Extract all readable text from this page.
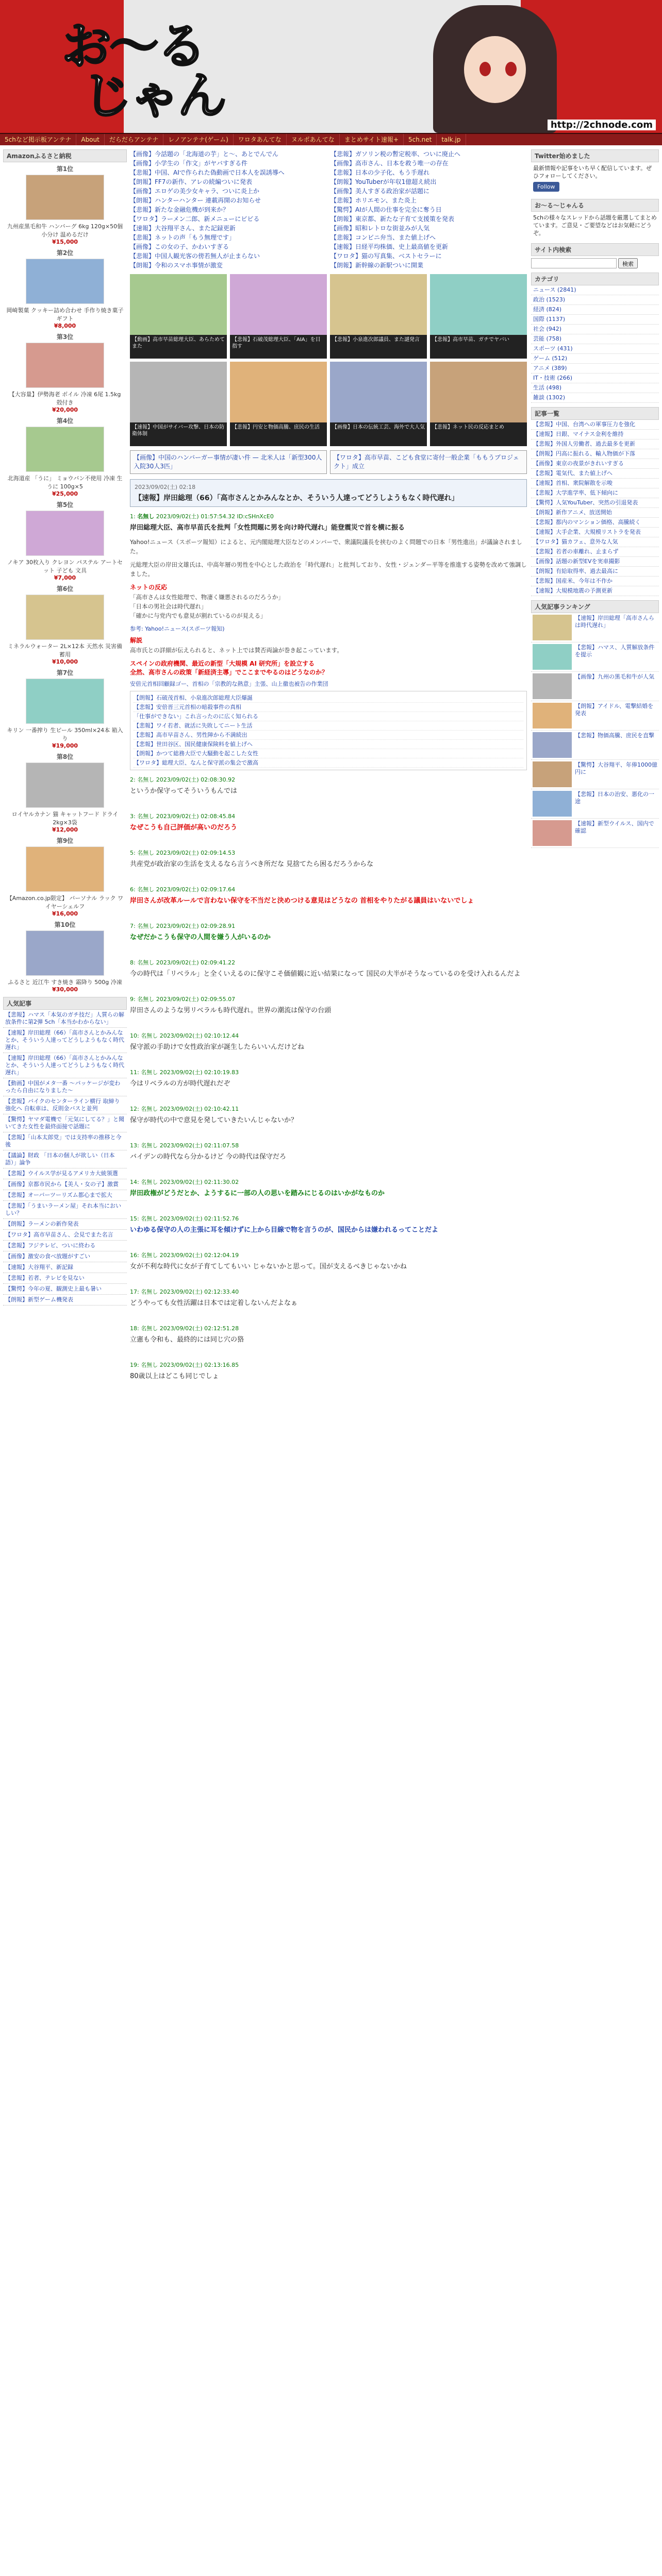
お～る
じゃん
http://2chnode.com
5chなど掲示板アンテナ	About	だらだらアンテナ	レノアンテナ(ゲーム)	ワロタあんてな	ヌルポあんてな	まとめサイト速報+	5ch.net	talk.jp
Amazonふるさと納税
第1位
九州産黒毛和牛 ハンバーグ 6kg 120g×50個 小分け 温めるだけ
¥15,000
第2位
岡崎製菓 クッキー詰め合わせ 手作り焼き菓子 ギフト
¥8,000
第3位
【大容量】伊勢海老 ボイル 冷凍 6尾 1.5kg 殻付き
¥20,000
第4位
北海道産 「うに」 ミョウバン不使用 冷凍 生うに 100g×5
¥25,000
第5位
ノキア 30枚入り クレヨン パステル アートセット 子ども 文具
¥7,000
第6位
ミネラルウォーター 2L×12本 天然水 災害備蓄用
¥10,000
第7位
キリン 一番搾り 生ビール 350ml×24本 箱入り
¥19,000
第8位
ロイヤルカナン 猫 キャットフード ドライ 2kg×3袋
¥12,000
第9位
【Amazon.co.jp限定】 バーソナル ラック ワイヤーシェルフ
¥16,000
第10位
ふるさと 近江牛 すき焼き 霜降り 500g 冷凍
¥30,000
人気記事
【悲報】ハマス「本気のガチ技だ」人質らの解放条件に第2弾 5ch「本当かわからない」
【速報】岸田総理（66）「高市さんとかみんなとか、そういう人達ってどうしようもなく時代遅れ」
【速報】岸田総理（66）「高市さんとかみんなとか、そういう人達ってどうしようもなく時代遅れ」
【動画】中国がメタ一番 〜パッケージが変わったら自由になりました〜
【悲報】バイクのセンターライン横行 取締り強化へ 自転車は、反則金バスと並列
【驚愕】ヤマダ電機で「元気にしてる？」と聞いてきた女性を最終面接で話題に
【悲報】「山本太郎党」では支持率の推移と今後
【議論】財政 「日本の個人が欲しい（日本語）」論争
【悲報】ウイルス学が見るアメリカ大統領選
【画像】京都市民から【美人・女の子】激賞
【悲報】オーバーツーリズム都心まで拡大
【悲報】「うまいラーメン屋」それ本当においしい？
【朗報】ラーメンの新作発表
【ワロタ】高市早苗さん、会見でまた名言
【悲報】フジテレビ、ついに終わる
【画像】激安の食べ放題がすごい
【速報】大谷翔平、新記録
【悲報】若者、テレビを見ない
【驚愕】今年の夏、観測史上最も暑い
【朗報】新型ゲーム機発表
【画像】今話題の「北海道の芋」と〜、あとでんでん
【画像】小学生の「作文」がヤバすぎる件
【悲報】中国、AIで作られた偽動画で日本人を誤誘導へ
【朗報】FF7の新作、アレの続編ついに発表
【画像】エロゲの美少女キャラ、ついに炎上か
【朗報】ハンターハンター 連載再開のお知らせ
【悲報】新たな金融危機が到来か？
【ワロタ】ラーメン二郎、新メニューにビビる
【速報】大谷翔平さん、また記録更新
【悲報】ネットの声「もう無理です」
【画像】この女の子、かわいすぎる
【悲報】中国人観光客の傍若無人が止まらない
【朗報】令和のスマホ事情が激変
【悲報】ガソリン税の暫定税率、ついに廃止へ
【画像】高市さん、日本を救う唯一の存在
【悲報】日本の少子化、もう手遅れ
【朗報】YouTuberが年収1億超え続出
【画像】美人すぎる政治家が話題に
【悲報】ホリエモン、また炎上
【驚愕】AIが人間の仕事を完全に奪う日
【朗報】東京都、新たな子育て支援策を発表
【画像】昭和レトロな街並みが人気
【悲報】コンビニ弁当、また値上げへ
【速報】日経平均株価、史上最高値を更新
【ワロタ】猫の写真集、ベストセラーに
【朗報】新幹線の新駅ついに開業
【動画】高市早苗総理大臣、あらためてまた
【悲報】石破茂総理大臣、「AIA」を目指す
【悲報】小泉進次郎議員、また謎発言	【悲報】高市早苗、ガチでヤバい
【速報】中国がサイバー攻撃、日本の防衛体制
【悲報】円安と物価高騰、庶民の生活	【画像】日本の伝統工芸、海外で大人気	【悲報】ネット民の反応まとめ
【画像】中国のハンバーガー事情が凄い件 — 北米人は「新型300人入院30人3匹」
【ワロタ】高市早苗、こども食堂に寄付一般企業「ももうプロジェクト」成立
2023/09/02(土) 02:18
【速報】岸田総理（66）「高市さんとかみんなとか、そういう人達ってどうしようもなく時代遅れ」
1: 名無し 2023/09/02(土) 01:57:54.32 ID:cSHnXcE0
岸田総理大臣、高市早苗氏を批判「女性問題に男を向け時代遅れ」能登震災で首を横に振る
Yahoo!ニュース（スポーツ報知）によると、元内閣総理大臣などのメンバーで、衆議院議長を挟むのよく問題での日本「男性進出」が議論されました。
元総理大臣の岸田文雄氏は、中高年層の男性を中心とした政治を「時代遅れ」と批判しており、女性・ジェンダー平等を推進する姿勢を改めて強調しました。
ネットの反応
「高市さんは女性総理で、物凄く嫌悪されるのだろうか」
「日本の男社会は時代遅れ」
「確かに与党内でも意見が割れているのが見える」
参考: Yahoo!ニュース(スポーツ報知)
解説
高市氏との詳細が伝えられると、ネット上では賛否両論が巻き起こっています。
スペインの政府機関、最近の新型「大規模 AI 研究所」を設立する
全然、高市さんの政策「新経済主導」でここまでやるのはどうなのか？
安倍元首相回顧録ゴー、首相の「宗教的な熱意」主張、山上徹也被告の作業団
【朗報】石破茂首相、小泉進次郎総理大臣爆誕
【悲報】安倍晋三元首相の暗殺事件の真相
「仕事ができない」これ言ったのに広く知られる
【悲報】ワイ若者、就活に失敗してニート生活
【悲報】高市早苗さん、男性陣から不満続出
【悲報】世田谷区、国民健康保険料を値上げへ
【朗報】かつて総務大臣で大騒動を起こした女性
【ワロタ】総理大臣、なんと保守派の集会で激高
2: 名無し 2023/09/02(土) 02:08:30.92
というか保守ってそういうもんでは
3: 名無し 2023/09/02(土) 02:08:45.84
なぜこうも自己評価が高いのだろう
5: 名無し 2023/09/02(土) 02:09:14.53
共産党が政治家の生活を支えるなら言うべき所だな 見捨てたら困るだろうからな
6: 名無し 2023/09/02(土) 02:09:17.64
岸田さんが改革ルールで言わない保守を不当だと決めつける意見はどうなの 首相をやりたがる議員はいないでしょ
7: 名無し 2023/09/02(土) 02:09:28.91
なぜだかこうも保守の人間を嫌う人がいるのか
8: 名無し 2023/09/02(土) 02:09:41.22
今の時代は「リベラル」と全くいえるのに保守こそ価値観に近い結果になって 国民の大半がそうなっているのを受け入れるんだよ
9: 名無し 2023/09/02(土) 02:09:55.07
岸田さんのような男リベラルも時代遅れ。世界の潮流は保守の台頭
10: 名無し 2023/09/02(土) 02:10:12.44
保守派の手助けで女性政治家が誕生したらいいんだけどね
11: 名無し 2023/09/02(土) 02:10:19.83
今はリベラルの方が時代遅れだぞ
12: 名無し 2023/09/02(土) 02:10:42.11
保守が時代の中で意見を発していきたいんじゃないか？
13: 名無し 2023/09/02(土) 02:11:07.58
バイデンの時代なら分かるけど 今の時代は保守だろ
14: 名無し 2023/09/02(土) 02:11:30.02
岸田政権がどうだとか、ようするに一部の人の思いを踏みにじるのはいかがなものか
15: 名無し 2023/09/02(土) 02:11:52.76
いわゆる保守の人の主張に耳を傾けずに上から目線で物を言うのが、国民からは嫌われるってことだよ
16: 名無し 2023/09/02(土) 02:12:04.19
女が不利な時代に女が子育てしてもいい じゃないかと思って。国が支えるべきじゃないかね
17: 名無し 2023/09/02(土) 02:12:33.40
どうやっても女性活躍は日本では定着しないんだよなぁ
18: 名無し 2023/09/02(土) 02:12:51.28
立憲も令和も、最終的には同じ穴の狢
19: 名無し 2023/09/02(土) 02:13:16.85
80歳以上はどこも同じでしょ
Twitter始めました
最新情報や記事をいち早く配信しています。ぜひフォローしてください。
Follow
お～る～じゃんる
5chの様々なスレッドから話題を厳選してまとめています。ご意見・ご要望などはお気軽にどうぞ。
サイト内検索
検索
カテゴリ
ニュース (2841)
政治 (1523)
経済 (824)
国際 (1137)
社会 (942)
芸能 (758)
スポーツ (431)
ゲーム (512)
アニメ (389)
IT・技術 (266)
生活 (498)
雑談 (1302)
記事一覧
【悲報】中国、台湾への軍事圧力を強化
【速報】日銀、マイナス金利を維持
【悲報】外国人労働者、過去最多を更新
【朗報】円高に振れる、輸入物価が下落
【画像】東京の夜景がきれいすぎる
【悲報】電気代、また値上げへ
【速報】首相、衆院解散を示唆
【悲報】大学進学率、低下傾向に
【驚愕】人気YouTuber、突然の引退発表
【朗報】新作アニメ、放送開始
【悲報】都内のマンション価格、高騰続く
【速報】大手企業、大規模リストラを発表
【ワロタ】猫カフェ、意外な人気
【悲報】若者の車離れ、止まらず
【画像】話題の新型EVを実車撮影
【朗報】有給取得率、過去最高に
【悲報】国産米、今年は不作か
【速報】大規模地震の予測更新
人気記事ランキング
【速報】岸田総理「高市さんらは時代遅れ」
【悲報】ハマス、人質解放条件を提示
【画像】九州の黒毛和牛が人気
【朗報】アイドル、電撃結婚を発表
【悲報】物価高騰、庶民を直撃
【驚愕】大谷翔平、年俸1000億円に
【悲報】日本の治安、悪化の一途
【速報】新型ウイルス、国内で確認
